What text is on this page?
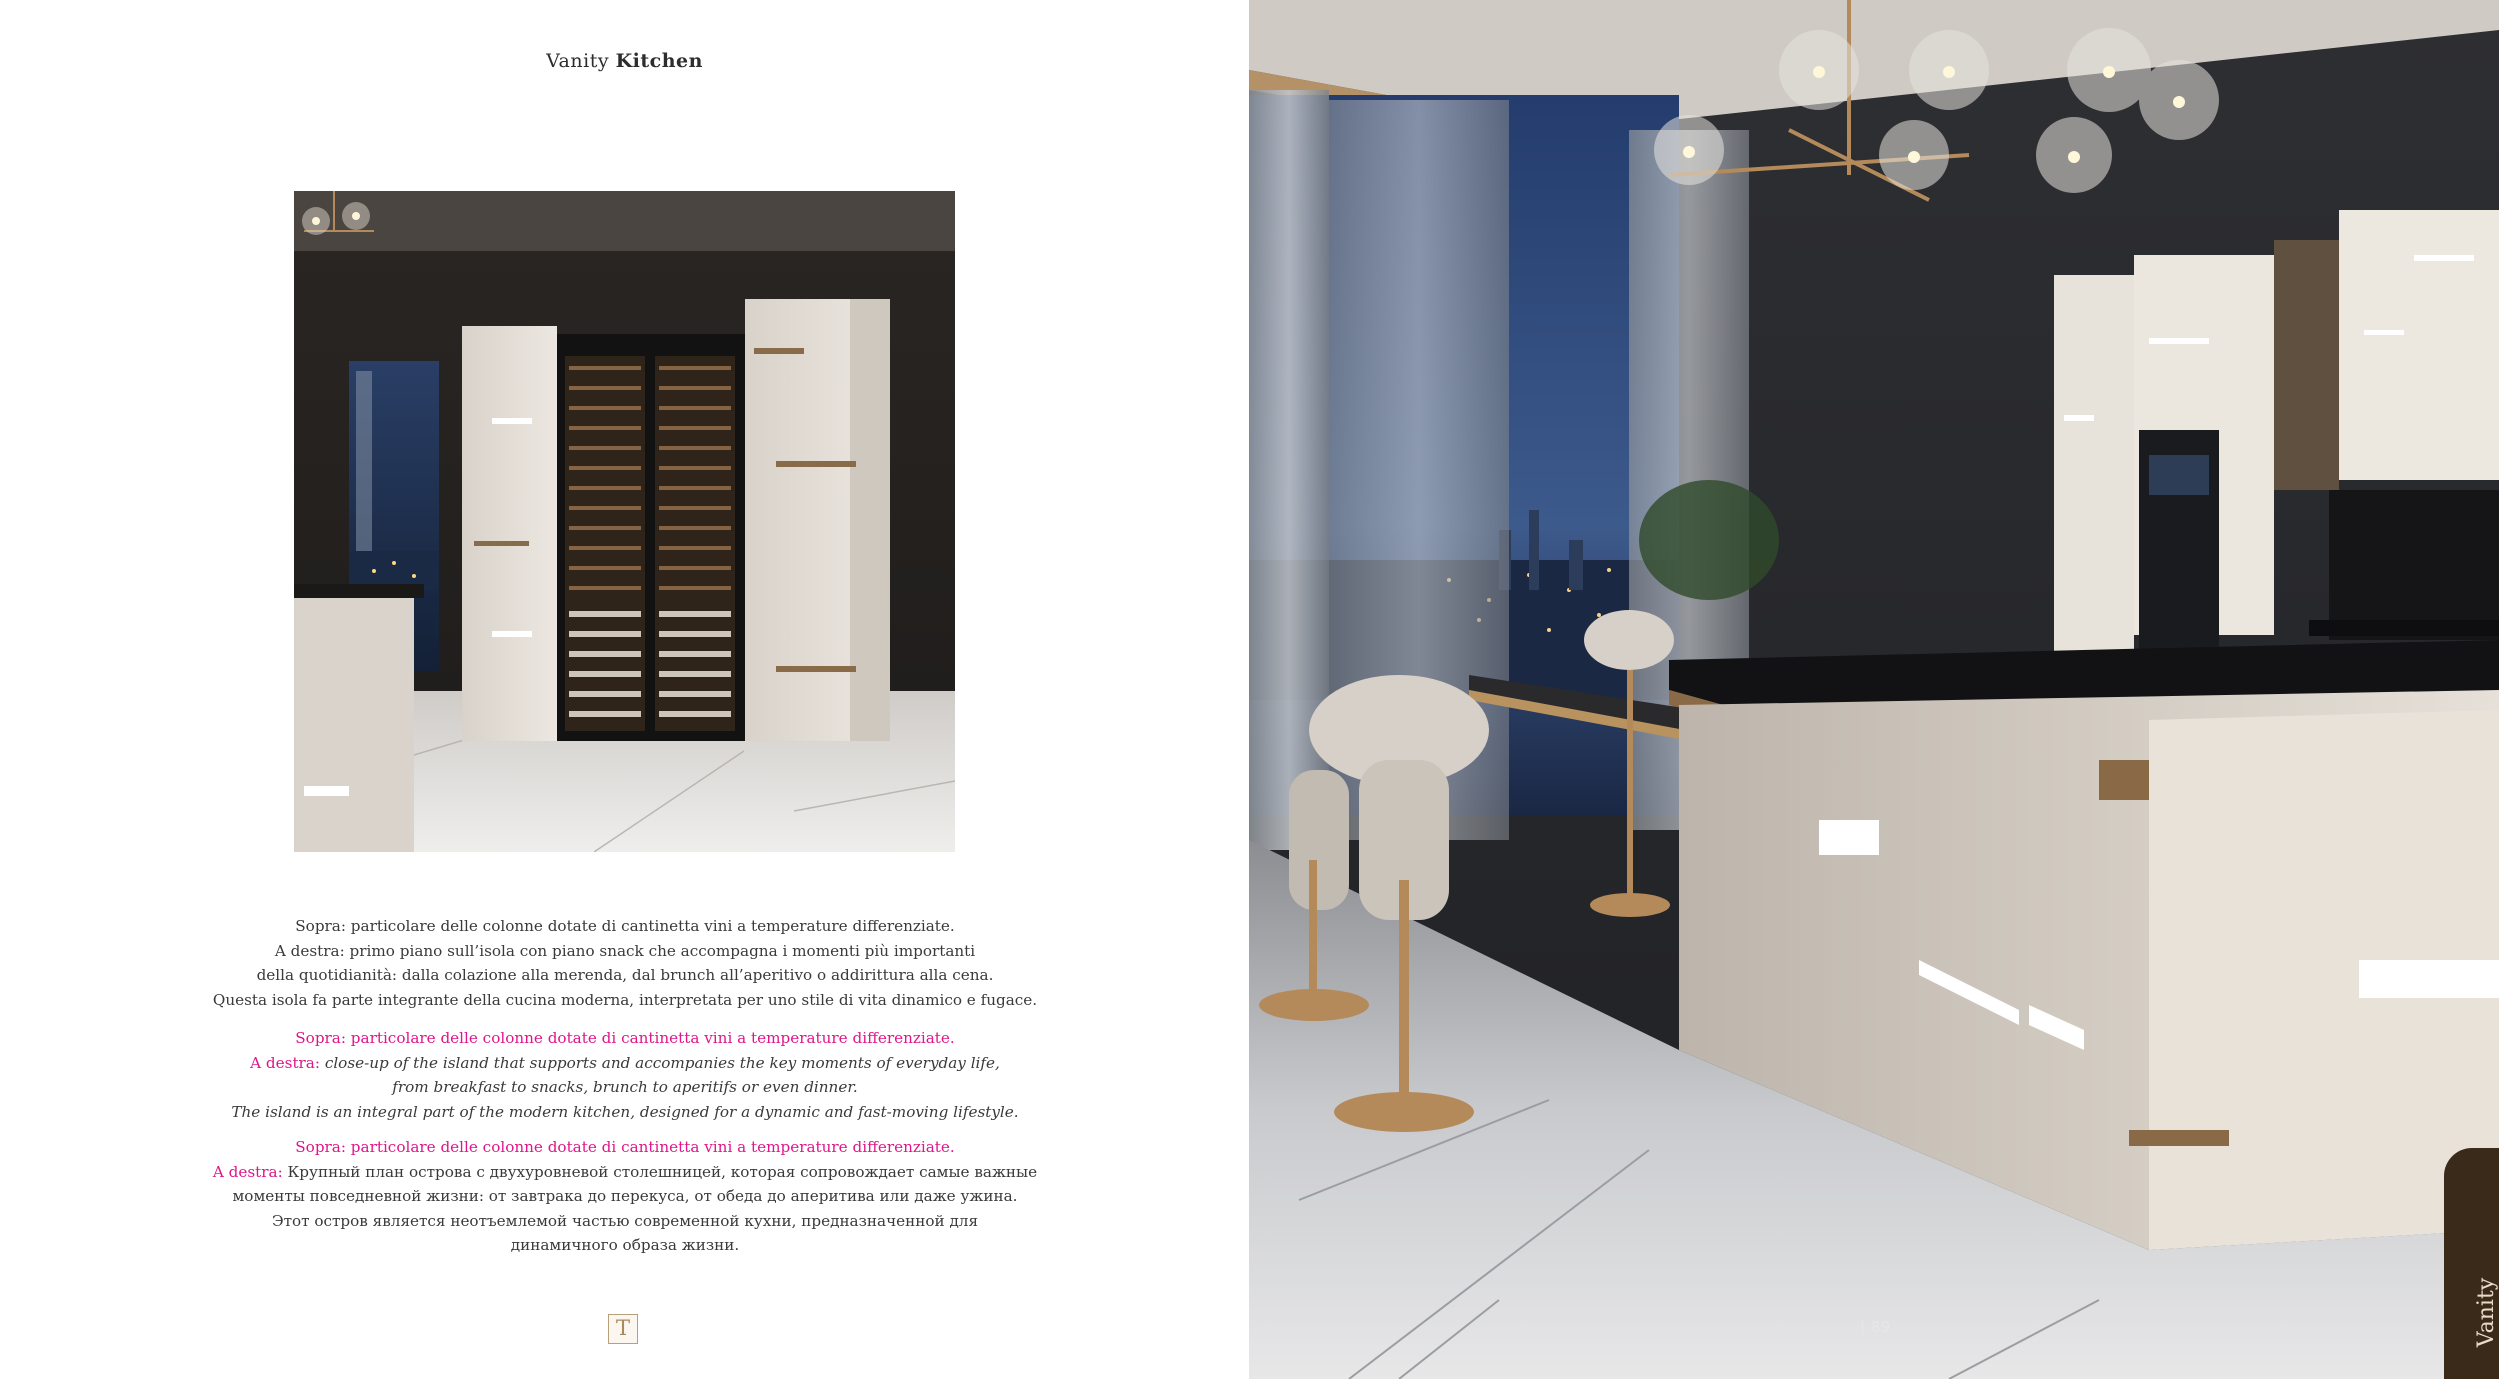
Vanity Kitchen
Sopra: particolare delle colonne dotate di cantinetta vini a temperature differenziate.
A destra: primo piano sull’isola con piano snack che accompagna i momenti più importanti
della quotidianità: dalla colazione alla merenda, dal brunch all’aperitivo o addirittura alla cena.
Questa isola fa parte integrante della cucina moderna, interpretata per uno stile di vita dinamico e fugace.
Sopra: particolare delle colonne dotate di cantinetta vini a temperature differenziate.
A destra: close-up of the island that supports and accompanies the key moments of everyday life,
from breakfast to snacks, brunch to aperitifs or even dinner.
The island is an integral part of the modern kitchen, designed for a dynamic and fast-moving lifestyle.
Sopra: particolare delle colonne dotate di cantinetta vini a temperature differenziate.
A destra: Крупный план острова с двухуровневой столешницей, которая сопровождает самые важные
моменты повседневной жизни: от завтрака до перекуса, от обеда до аперитива или даже ужина.
Этот остров является неотъемлемой частью современной кухни, предназначенной для
динамичного образа жизни.
T	| 89	Vanity
